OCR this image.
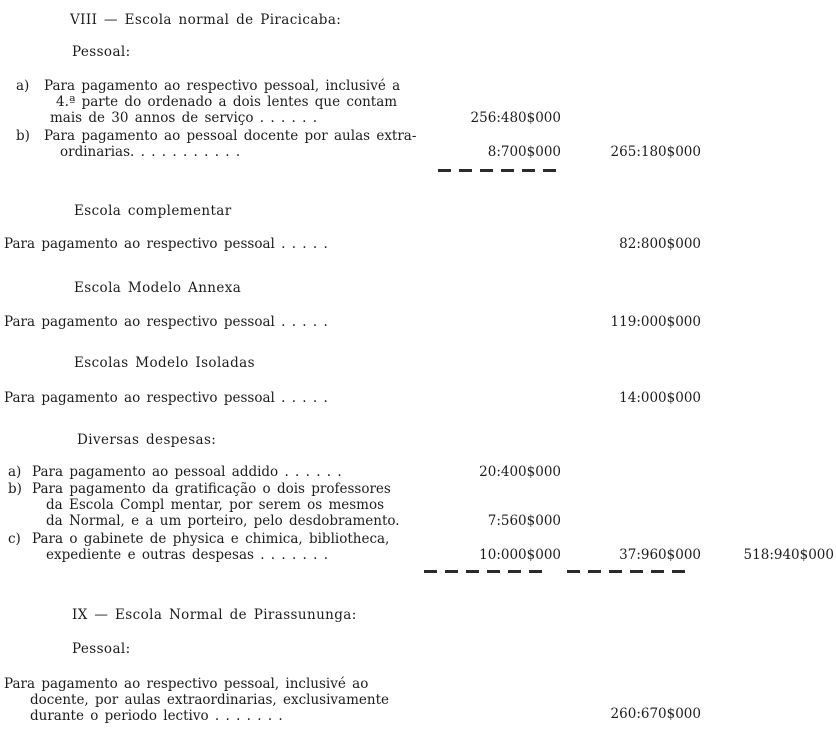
VIII — Escola normal de Piracicaba:
Pessoal:
a) Para pagamento ao respectivo pessoal, inclusivé a
4.ª parte do ordenado a dois lentes que contam
mais de 30 annos de serviço . . . . . .	256:480$000
b) Para pagamento ao pessoal docente por aulas extra-
ordinarias. . . . . . . . . . .	8:700$000	265:180$000
Escola complementar
Para pagamento ao respectivo pessoal . . . . .	82:800$000
Escola Modelo Annexa
Para pagamento ao respectivo pessoal . . . . .	119:000$000
Escolas Modelo Isoladas
Para pagamento ao respectivo pessoal . . . . .	14:000$000
Diversas despesas:
a) Para pagamento ao pessoal addido . . . . . .	20:400$000
b) Para pagamento da gratificação o dois professores
da Escola Compl mentar, por serem os mesmos
da Normal, e a um porteiro, pelo desdobramento.	7:560$000
c) Para o gabinete de physica e chimica, bibliotheca,
expediente e outras despesas . . . . . . .	10:000$000	37:960$000	518:940$000
IX — Escola Normal de Pirassununga:
Pessoal:
Para pagamento ao respectivo pessoal, inclusivé ao
docente, por aulas extraordinarias, exclusivamente
durante o periodo lectivo . . . . . . .	260:670$000
